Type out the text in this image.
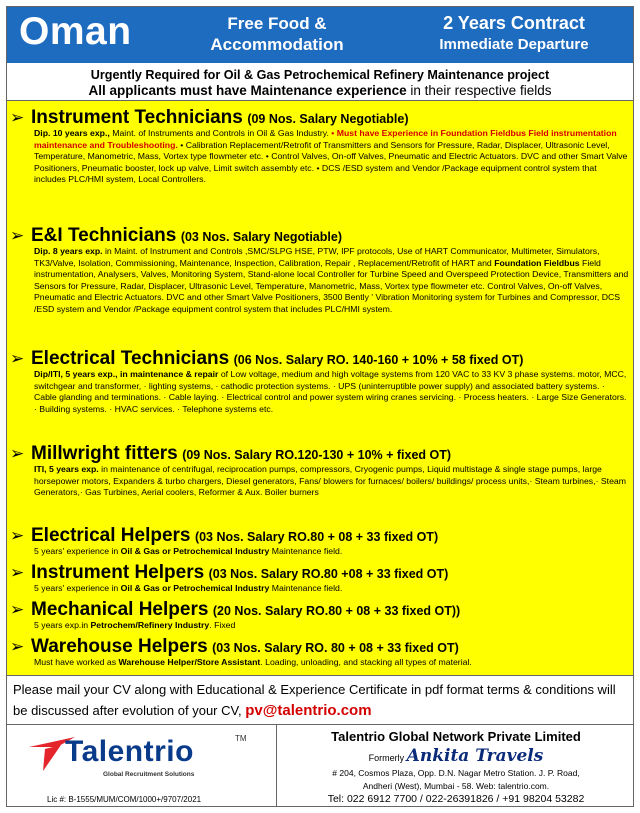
Oman	Free Food &
Accommodation
2 Years Contract
Immediate Departure
Urgently Required for Oil & Gas Petrochemical Refinery Maintenance project
All applicants must have Maintenance experience in their respective fields
➢ Instrument Technicians (09 Nos. Salary Negotiable)
Dip. 10 years exp., Maint. of Instruments and Controls in Oil & Gas Industry. • Must have Experience in Foundation Fieldbus Field instrumentation maintenance and Troubleshooting. • Calibration Replacement/Retrofit of Transmitters and Sensors for Pressure, Radar, Displacer, Ultrasonic Level, Temperature, Manometric, Mass, Vortex type flowmeter etc. • Control Valves, On-off Valves, Pneumatic and Electric Actuators. DVC and other Smart Valve Positioners, Pneumatic booster, lock up valve, Limit switch assembly etc. • DCS /ESD system and Vendor /Package equipment control system that includes PLC/HMI system, Local Controllers.
➢ E&I Technicians (03 Nos. Salary Negotiable)
Dip. 8 years exp. in Maint. of Instrument and Controls ,SMC/SLPG HSE, PTW, IPF protocols, Use of HART Communicator, Multimeter, Simulators, TK3/Valve, Isolation, Commissioning, Maintenance, Inspection, Calibration, Repair , Replacement/Retrofit of HART and Foundation Fieldbus Field instrumentation, Analysers, Valves, Monitoring System, Stand-alone local Controller for Turbine Speed and Overspeed Protection Device, Transmitters and Sensors for Pressure, Radar, Displacer, Ultrasonic Level, Temperature, Manometric, Mass, Vortex type flowmeter etc. Control Valves, On-off Valves, Pneumatic and Electric Actuators. DVC and other Smart Valve Positioners, 3500 Bently ' Vibration Monitoring system for Turbines and Compressor, DCS /ESD system and Vendor /Package equipment control system that includes PLC/HMI system.
➢ Electrical Technicians (06 Nos. Salary RO. 140-160 + 10% + 58 fixed OT)
Dip/ITI, 5 years exp., in maintenance & repair of Low voltage, medium and high voltage systems from 120 VAC to 33 KV 3 phase systems. motor, MCC, switchgear and transformer, · lighting systems, · cathodic protection systems. · UPS (uninterruptible power supply) and associated battery systems. · Cable glanding and terminations. · Cable laying. · Electrical control and power system wiring cranes servicing. · Process heaters. · Large Size Generators. · Building systems. · HVAC services. · Telephone systems etc.
➢ Millwright fitters (09 Nos. Salary RO.120-130 + 10% + fixed OT)
ITI, 5 years exp. in maintenance of centrifugal, reciprocation pumps, compressors, Cryogenic pumps, Liquid multistage & single stage pumps, large horsepower motors, Expanders & turbo chargers, Diesel generators, Fans/ blowers for furnaces/ boilers/ buildings/ process units,· Steam turbines,· Steam Generators,· Gas Turbines, Aerial coolers, Reformer & Aux. Boiler burners
➢ Electrical Helpers (03 Nos. Salary RO.80 + 08 + 33 fixed OT)
5 years' experience in Oil & Gas or Petrochemical Industry Maintenance field.
➢ Instrument Helpers (03 Nos. Salary RO.80 +08 + 33 fixed OT)
5 years' experience in Oil & Gas or Petrochemical Industry Maintenance field.
➢ Mechanical Helpers (20 Nos. Salary RO.80 + 08 + 33 fixed OT))
5 years exp.in Petrochem/Refinery Industry. Fixed
➢ Warehouse Helpers (03 Nos. Salary RO. 80 + 08 + 33 fixed OT)
Must have worked as Warehouse Helper/Store Assistant. Loading, unloading, and stacking all types of material.
Please mail your CV along with Educational & Experience Certificate in pdf format terms & conditions will be discussed after evolution of your CV, pv@talentrio.com
Talentrio	TM
Global Recruitment Solutions
Lic #: B-1555/MUM/COM/1000+/9707/2021
Talentrio Global Network Private Limited
Formerly Ankita Travels
# 204, Cosmos Plaza, Opp. D.N. Nagar Metro Station. J. P. Road,
Andheri (West), Mumbai - 58. Web: talentrio.com.
Tel: 022 6912 7700 / 022-26391826 / +91 98204 53282
